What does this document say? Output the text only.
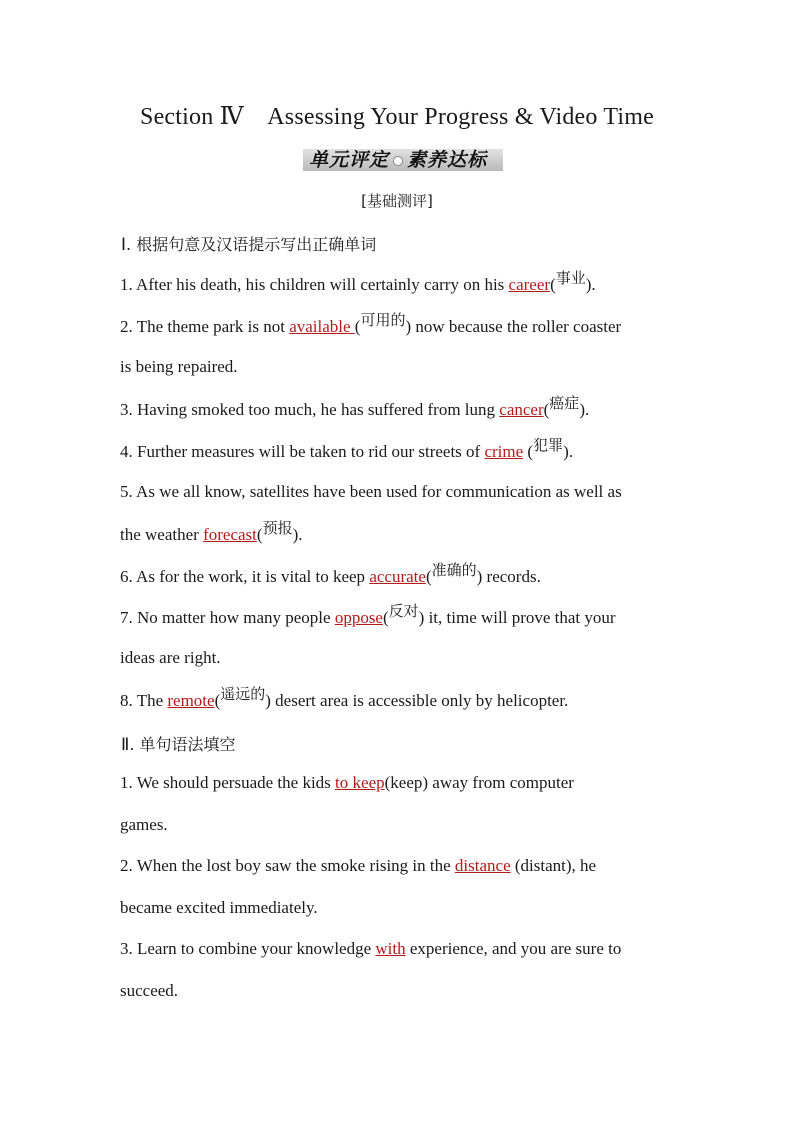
Section Ⅳ    Assessing Your Progress & Video Time
单元评定 素养达标
[基础测评]
Ⅰ. 根据句意及汉语提示写出正确单词
1. After his death, his children will certainly carry on his career(事业).
2. The theme park is not available (可用的) now because the roller coaster
is being repaired.
3. Having smoked too much, he has suffered from lung cancer(癌症).
4. Further measures will be taken to rid our streets of crime (犯罪).
5. As we all know, satellites have been used for communication as well as
the weather forecast(预报).
6. As for the work, it is vital to keep accurate(准确的) records.
7. No matter how many people oppose(反对) it, time will prove that your
ideas are right.
8. The remote(遥远的) desert area is accessible only by helicopter.
Ⅱ. 单句语法填空
1. We should persuade the kids to keep(keep) away from computer
games.
2. When the lost boy saw the smoke rising in the distance (distant), he
became excited immediately.
3. Learn to combine your knowledge with experience, and you are sure to
succeed.
